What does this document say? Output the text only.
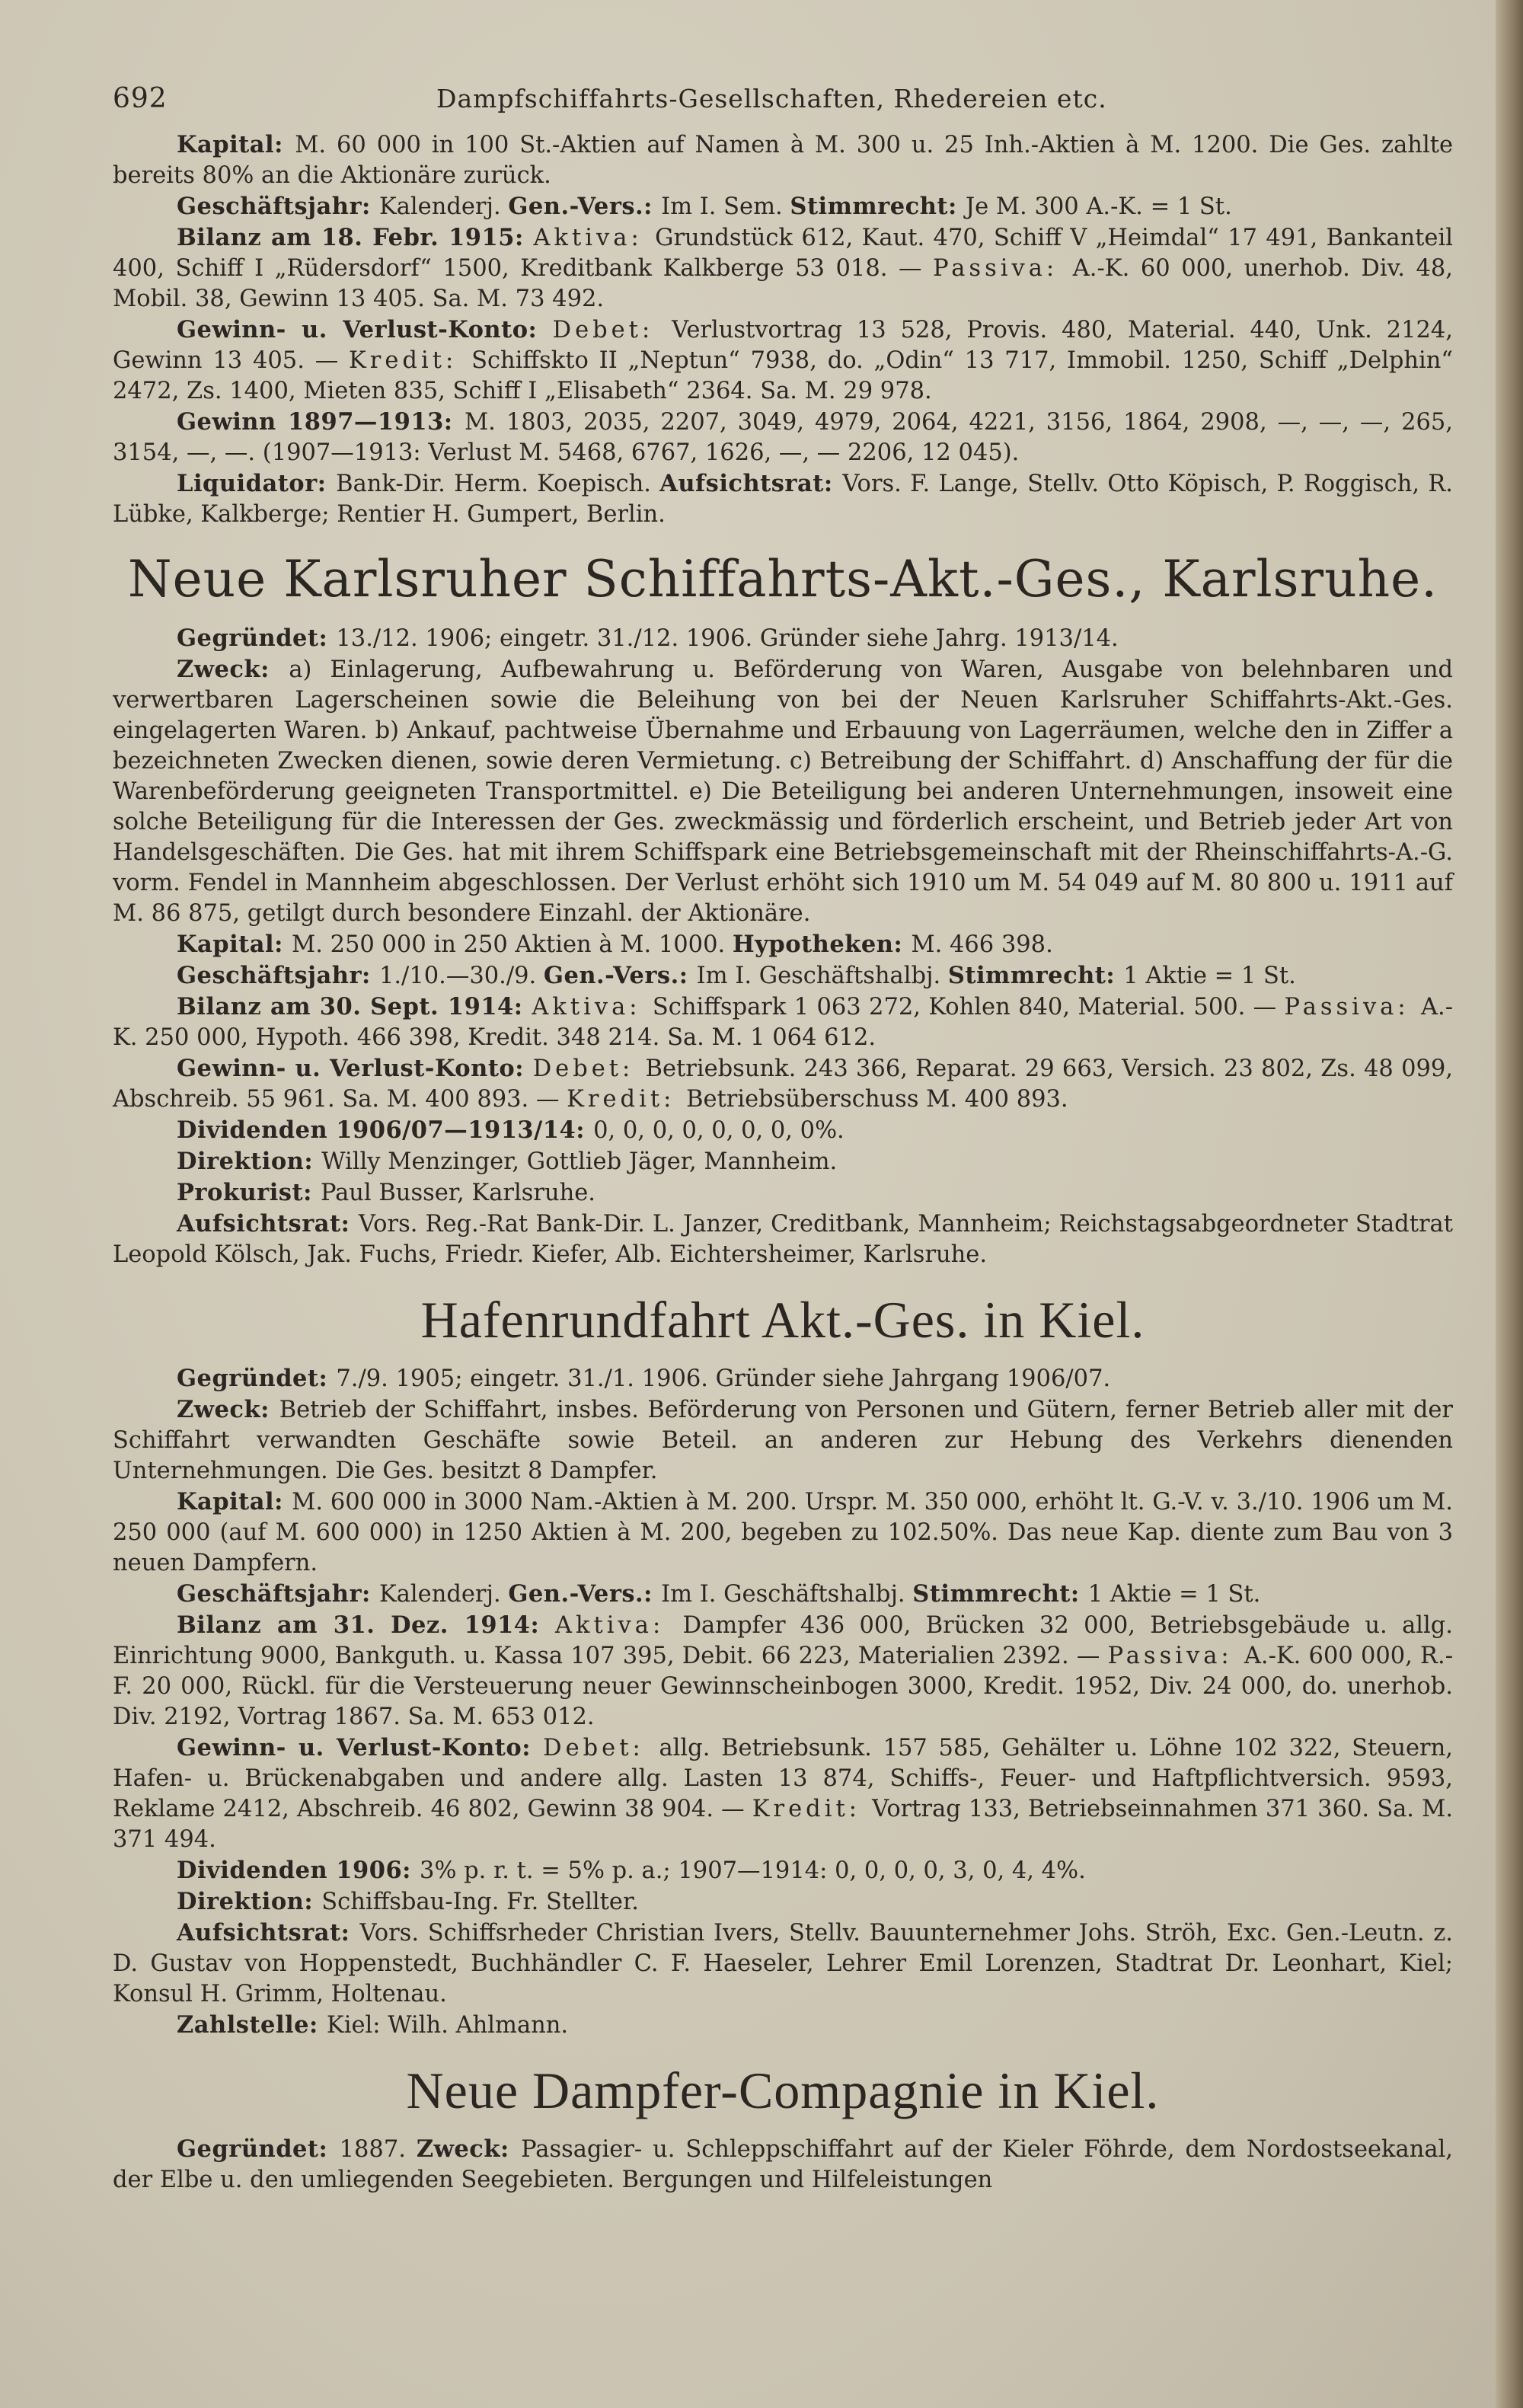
692	Dampfschiffahrts-Gesellschaften, Rhedereien etc.

Kapital: M. 60 000 in 100 St.-Aktien auf Namen à M. 300 u. 25 Inh.-Aktien à M. 1200. Die Ges. zahlte bereits 80% an die Aktionäre zurück.

Geschäftsjahr: Kalenderj. Gen.-Vers.: Im I. Sem. Stimmrecht: Je M. 300 A.-K. = 1 St.

Bilanz am 18. Febr. 1915: Aktiva: Grundstück 612, Kaut. 470, Schiff V „Heimdal“ 17 491, Bankanteil 400, Schiff I „Rüdersdorf“ 1500, Kreditbank Kalkberge 53 018. — Passiva: A.-K. 60 000, unerhob. Div. 48, Mobil. 38, Gewinn 13 405. Sa. M. 73 492.

Gewinn- u. Verlust-Konto: Debet: Verlustvortrag 13 528, Provis. 480, Material. 440, Unk. 2124, Gewinn 13 405. — Kredit: Schiffskto II „Neptun“ 7938, do. „Odin“ 13 717, Immobil. 1250, Schiff „Delphin“ 2472, Zs. 1400, Mieten 835, Schiff I „Elisabeth“ 2364. Sa. M. 29 978.

Gewinn 1897—1913: M. 1803, 2035, 2207, 3049, 4979, 2064, 4221, 3156, 1864, 2908, —, —, —, 265, 3154, —, —. (1907—1913: Verlust M. 5468, 6767, 1626, —, — 2206, 12 045).

Liquidator: Bank-Dir. Herm. Koepisch. Aufsichtsrat: Vors. F. Lange, Stellv. Otto Köpisch, P. Roggisch, R. Lübke, Kalkberge; Rentier H. Gumpert, Berlin.

Neue Karlsruher Schiffahrts-Akt.-Ges., Karlsruhe.

Gegründet: 13./12. 1906; eingetr. 31./12. 1906. Gründer siehe Jahrg. 1913/14.

Zweck: a) Einlagerung, Aufbewahrung u. Beförderung von Waren, Ausgabe von belehnbaren und verwertbaren Lagerscheinen sowie die Beleihung von bei der Neuen Karlsruher Schiffahrts-Akt.-Ges. eingelagerten Waren. b) Ankauf, pachtweise Übernahme und Erbauung von Lagerräumen, welche den in Ziffer a bezeichneten Zwecken dienen, sowie deren Vermietung. c) Betreibung der Schiffahrt. d) Anschaffung der für die Warenbeförderung geeigneten Transportmittel. e) Die Beteiligung bei anderen Unternehmungen, insoweit eine solche Beteiligung für die Interessen der Ges. zweckmässig und förderlich erscheint, und Betrieb jeder Art von Handelsgeschäften. Die Ges. hat mit ihrem Schiffspark eine Betriebsgemeinschaft mit der Rheinschiffahrts-A.-G. vorm. Fendel in Mannheim abgeschlossen. Der Verlust erhöht sich 1910 um M. 54 049 auf M. 80 800 u. 1911 auf M. 86 875, getilgt durch besondere Einzahl. der Aktionäre.

Kapital: M. 250 000 in 250 Aktien à M. 1000. Hypotheken: M. 466 398.

Geschäftsjahr: 1./10.—30./9. Gen.-Vers.: Im I. Geschäftshalbj. Stimmrecht: 1 Aktie = 1 St.

Bilanz am 30. Sept. 1914: Aktiva: Schiffspark 1 063 272, Kohlen 840, Material. 500. — Passiva: A.-K. 250 000, Hypoth. 466 398, Kredit. 348 214. Sa. M. 1 064 612.

Gewinn- u. Verlust-Konto: Debet: Betriebsunk. 243 366, Reparat. 29 663, Versich. 23 802, Zs. 48 099, Abschreib. 55 961. Sa. M. 400 893. — Kredit: Betriebsüberschuss M. 400 893.

Dividenden 1906/07—1913/14: 0, 0, 0, 0, 0, 0, 0, 0%.

Direktion: Willy Menzinger, Gottlieb Jäger, Mannheim.

Prokurist: Paul Busser, Karlsruhe.

Aufsichtsrat: Vors. Reg.-Rat Bank-Dir. L. Janzer, Creditbank, Mannheim; Reichstagsabgeordneter Stadtrat Leopold Kölsch, Jak. Fuchs, Friedr. Kiefer, Alb. Eichtersheimer, Karlsruhe.

Hafenrundfahrt Akt.-Ges. in Kiel.

Gegründet: 7./9. 1905; eingetr. 31./1. 1906. Gründer siehe Jahrgang 1906/07.

Zweck: Betrieb der Schiffahrt, insbes. Beförderung von Personen und Gütern, ferner Betrieb aller mit der Schiffahrt verwandten Geschäfte sowie Beteil. an anderen zur Hebung des Verkehrs dienenden Unternehmungen. Die Ges. besitzt 8 Dampfer.

Kapital: M. 600 000 in 3000 Nam.-Aktien à M. 200. Urspr. M. 350 000, erhöht lt. G.-V. v. 3./10. 1906 um M. 250 000 (auf M. 600 000) in 1250 Aktien à M. 200, begeben zu 102.50%. Das neue Kap. diente zum Bau von 3 neuen Dampfern.

Geschäftsjahr: Kalenderj. Gen.-Vers.: Im I. Geschäftshalbj. Stimmrecht: 1 Aktie = 1 St.

Bilanz am 31. Dez. 1914: Aktiva: Dampfer 436 000, Brücken 32 000, Betriebsgebäude u. allg. Einrichtung 9000, Bankguth. u. Kassa 107 395, Debit. 66 223, Materialien 2392. — Passiva: A.-K. 600 000, R.-F. 20 000, Rückl. für die Versteuerung neuer Gewinnscheinbogen 3000, Kredit. 1952, Div. 24 000, do. unerhob. Div. 2192, Vortrag 1867. Sa. M. 653 012.

Gewinn- u. Verlust-Konto: Debet: allg. Betriebsunk. 157 585, Gehälter u. Löhne 102 322, Steuern, Hafen- u. Brückenabgaben und andere allg. Lasten 13 874, Schiffs-, Feuer- und Haftpflichtversich. 9593, Reklame 2412, Abschreib. 46 802, Gewinn 38 904. — Kredit: Vortrag 133, Betriebseinnahmen 371 360. Sa. M. 371 494.

Dividenden 1906: 3% p. r. t. = 5% p. a.; 1907—1914: 0, 0, 0, 0, 3, 0, 4, 4%.

Direktion: Schiffsbau-Ing. Fr. Stellter.

Aufsichtsrat: Vors. Schiffsrheder Christian Ivers, Stellv. Bauunternehmer Johs. Ströh, Exc. Gen.-Leutn. z. D. Gustav von Hoppenstedt, Buchhändler C. F. Haeseler, Lehrer Emil Lorenzen, Stadtrat Dr. Leonhart, Kiel; Konsul H. Grimm, Holtenau.

Zahlstelle: Kiel: Wilh. Ahlmann.

Neue Dampfer-Compagnie in Kiel.

Gegründet: 1887. Zweck: Passagier- u. Schleppschiffahrt auf der Kieler Föhrde, dem Nordostseekanal, der Elbe u. den umliegenden Seegebieten. Bergungen und Hilfeleistungen
